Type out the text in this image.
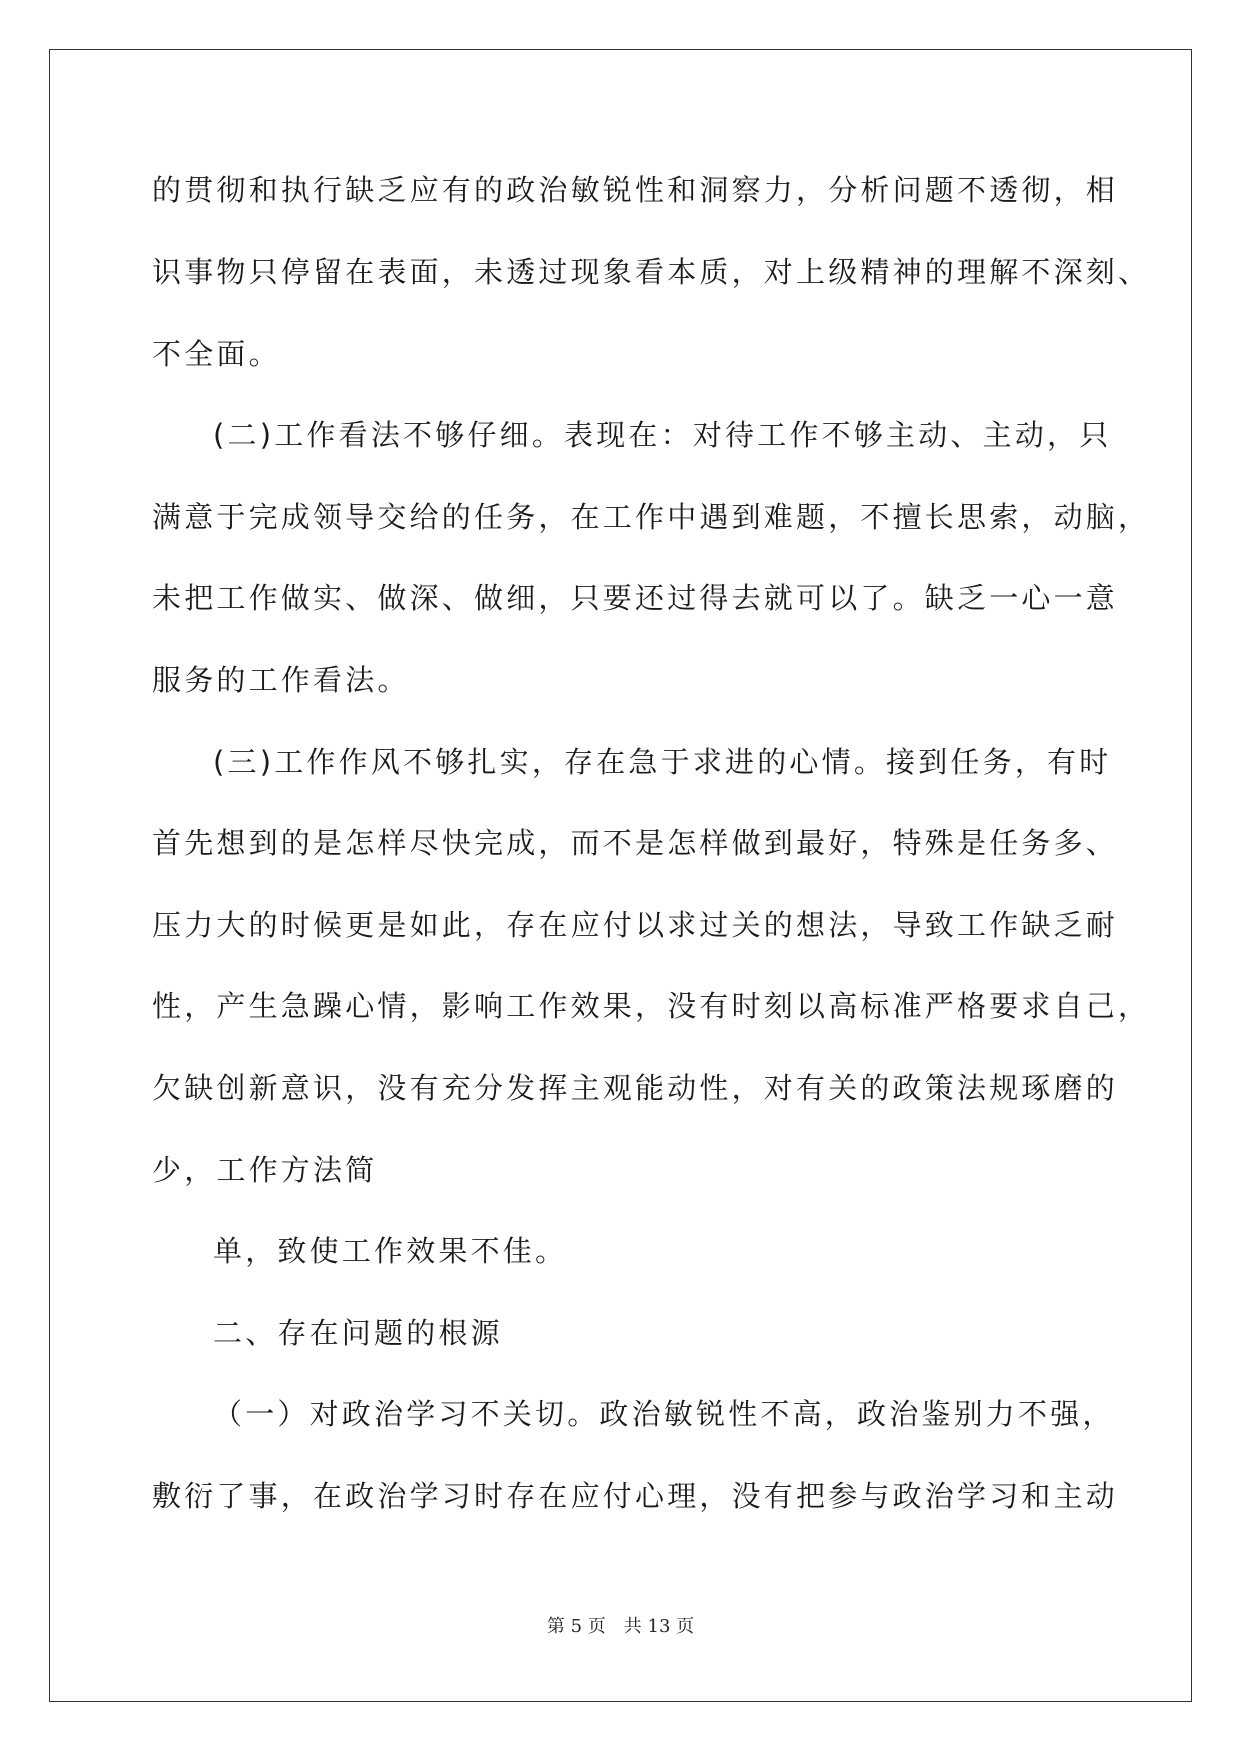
的贯彻和执行缺乏应有的政治敏锐性和洞察力，分析问题不透彻，相
识事物只停留在表面，未透过现象看本质，对上级精神的理解不深刻、
不全面。
(二)工作看法不够仔细。表现在：对待工作不够主动、主动，只
满意于完成领导交给的任务，在工作中遇到难题，不擅长思索，动脑，
未把工作做实、做深、做细，只要还过得去就可以了。缺乏一心一意
服务的工作看法。
(三)工作作风不够扎实，存在急于求进的心情。接到任务，有时
首先想到的是怎样尽快完成，而不是怎样做到最好，特殊是任务多、
压力大的时候更是如此，存在应付以求过关的想法，导致工作缺乏耐
性，产生急躁心情，影响工作效果，没有时刻以高标准严格要求自己，
欠缺创新意识，没有充分发挥主观能动性，对有关的政策法规琢磨的
少，工作方法简
单，致使工作效果不佳。
二、存在问题的根源
（一）对政治学习不关切。政治敏锐性不高，政治鉴别力不强，
敷衍了事，在政治学习时存在应付心理，没有把参与政治学习和主动
第 5 页 共 13 页
